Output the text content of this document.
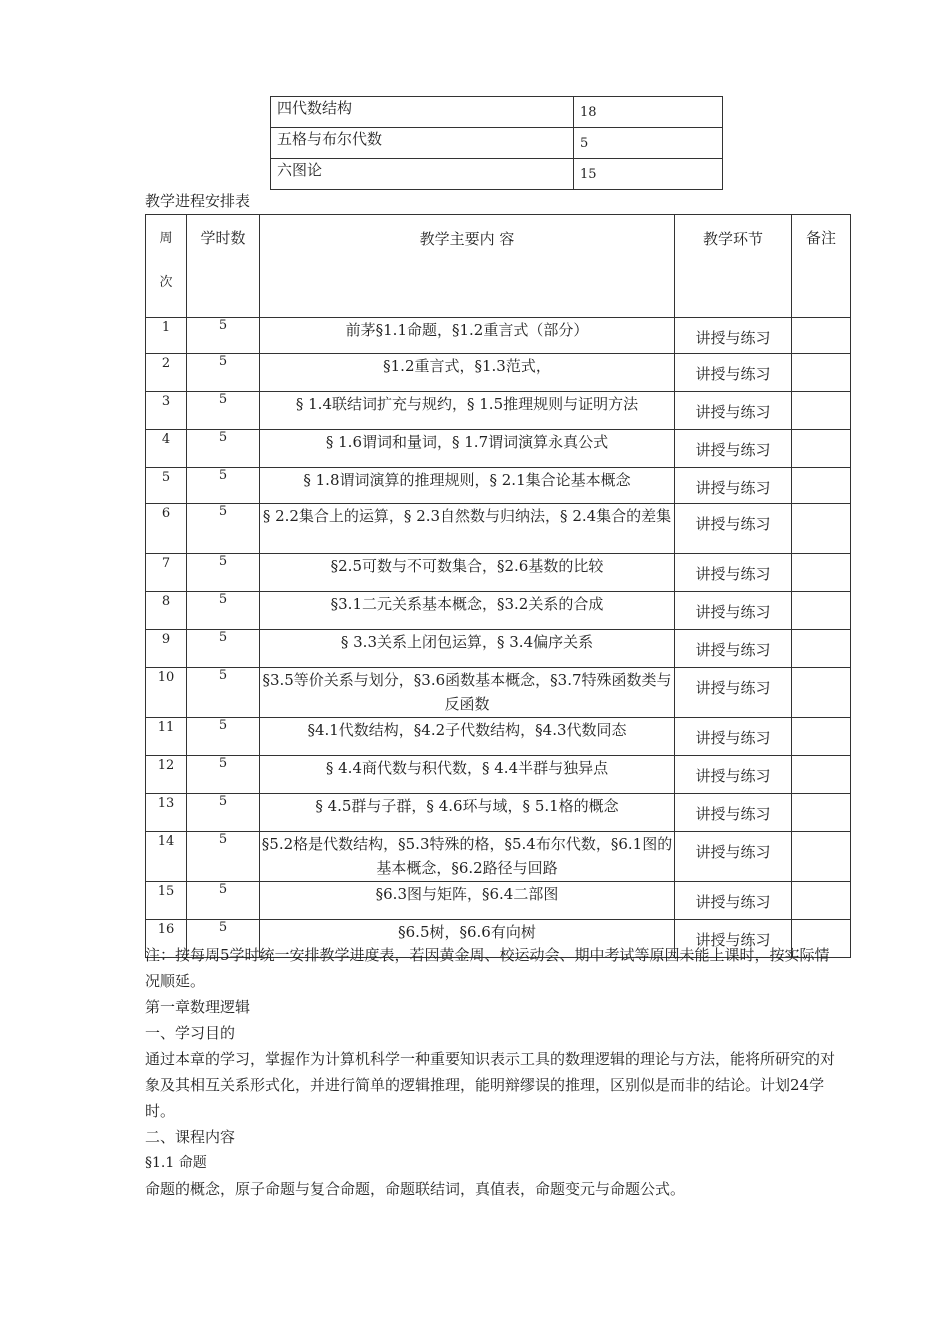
四代数结构	18
五格与布尔代数	5
六图论	15
教学进程安排表
周
次	学时数	教学主要内 容	教学环节	备注
1	5	前茅§1.1命题，§1.2重言式（部分）	讲授与练习	

2	5	§1.2重言式，§1.3范式，	讲授与练习	

3	5	§ 1.4联结词扩充与规约，§ 1.5推理规则与证明方法	讲授与练习	

4	5	§ 1.6谓词和量词，§ 1.7谓词演算永真公式	讲授与练习	

5	5	§ 1.8谓词演算的推理规则，§ 2.1集合论基本概念	讲授与练习	

6	5	§ 2.2集合上的运算，§ 2.3自然数与归纳法，§ 2.4集合的差集	讲授与练习	

7	5	§2.5可数与不可数集合，§2.6基数的比较	讲授与练习	

8	5	§3.1二元关系基本概念，§3.2关系的合成	讲授与练习	

9	5	§ 3.3关系上闭包运算，§ 3.4偏序关系	讲授与练习	

10	5	§3.5等价关系与划分，§3.6函数基本概念，§3.7特殊函数类与反函数	讲授与练习	

11	5	§4.1代数结构，§4.2子代数结构，§4.3代数同态	讲授与练习	

12	5	§ 4.4商代数与积代数，§ 4.4半群与独异点	讲授与练习	

13	5	§ 4.5群与子群，§ 4.6环与域，§ 5.1格的概念	讲授与练习	

14	5	§5.2格是代数结构，§5.3特殊的格，§5.4布尔代数，§6.1图的基本概念，§6.2路径与回路	讲授与练习	

15	5	§6.3图与矩阵，§6.4二部图	讲授与练习	

16	5	§6.5树，§6.6有向树	讲授与练习	

注：按每周5学时统一安排教学进度表，若因黄金周、校运动会、期中考试等原因未能上课时，按实际情况顺延。
第一章数理逻辑
一、学习目的
通过本章的学习，掌握作为计算机科学一种重要知识表示工具的数理逻辑的理论与方法，能将所研究的对象及其相互关系形式化，并进行简单的逻辑推理，能明辩缪误的推理，区别似是而非的结论。计划24学时。
二、课程内容
§1.1 命题
命题的概念，原子命题与复合命题，命题联结词，真值表，命题变元与命题公式。
